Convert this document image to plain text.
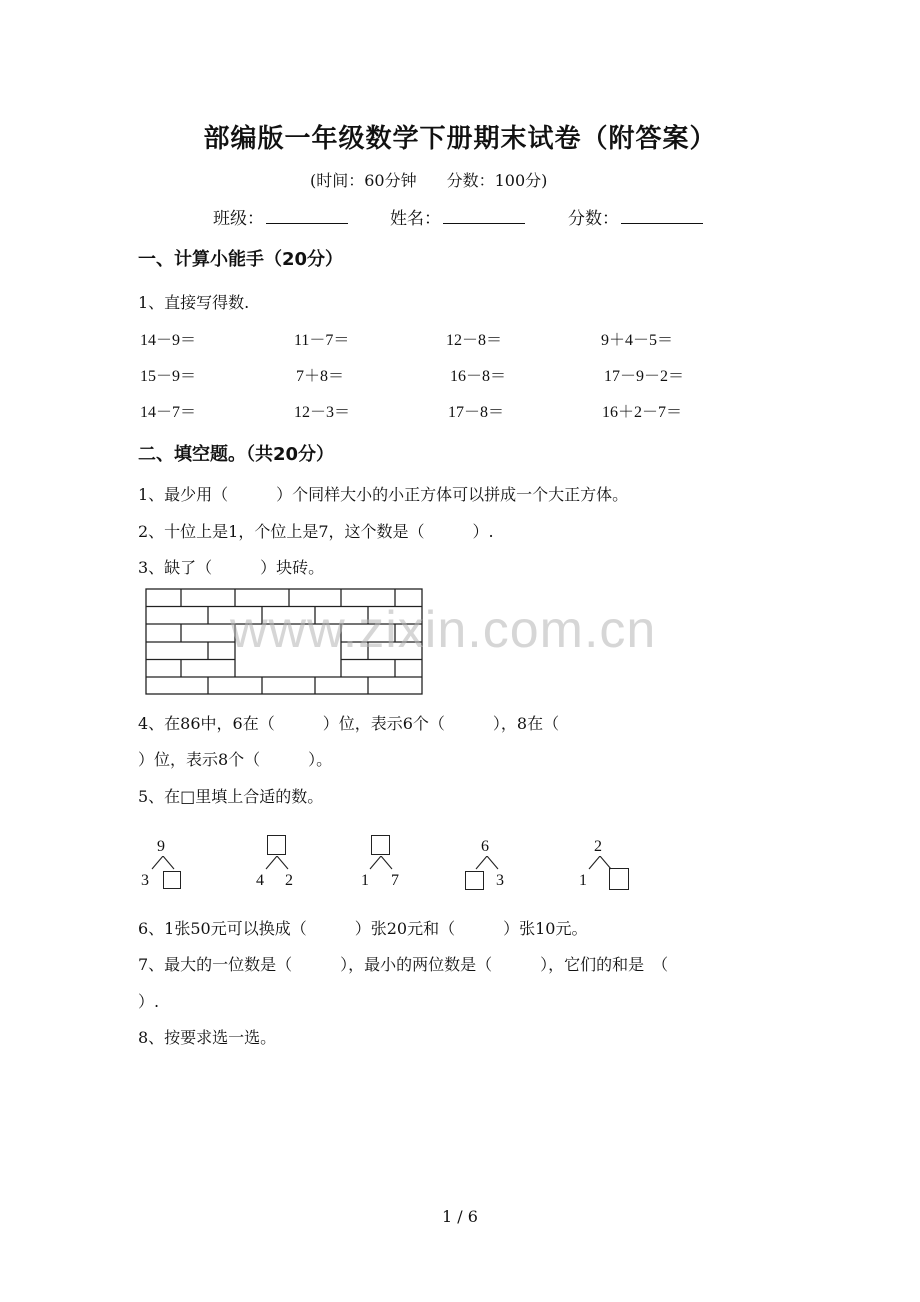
部编版一年级数学下册期末试卷（附答案）
(时间：60分钟 分数：100分)
班级：	姓名：	分数：
一、计算小能手（20分）
1、直接写得数.
14－9＝	11－7＝	12－8＝	9＋4－5＝
15－9＝	7＋8＝	16－8＝	17－9－2＝
14－7＝	12－3＝	17－8＝	16＋2－7＝
二、填空题。（共20分）
1、最少用（　　　）个同样大小的小正方体可以拼成一个大正方体。
2、十位上是1，个位上是7，这个数是（　　　）.
3、缺了（　　　）块砖。
www.zixin.com.cn
4、在86中，6在（　　　）位，表示6个（　　　），8在（
）位，表示8个（　　　）。
5、在□里填上合适的数。
9
3	4 2	1 7
6
3
2
1
6、1张50元可以换成（　　　）张20元和（　　　）张10元。
7、最大的一位数是（　　　），最小的两位数是（　　　），它们的和是　（
）.
8、按要求选一选。
1 / 6
